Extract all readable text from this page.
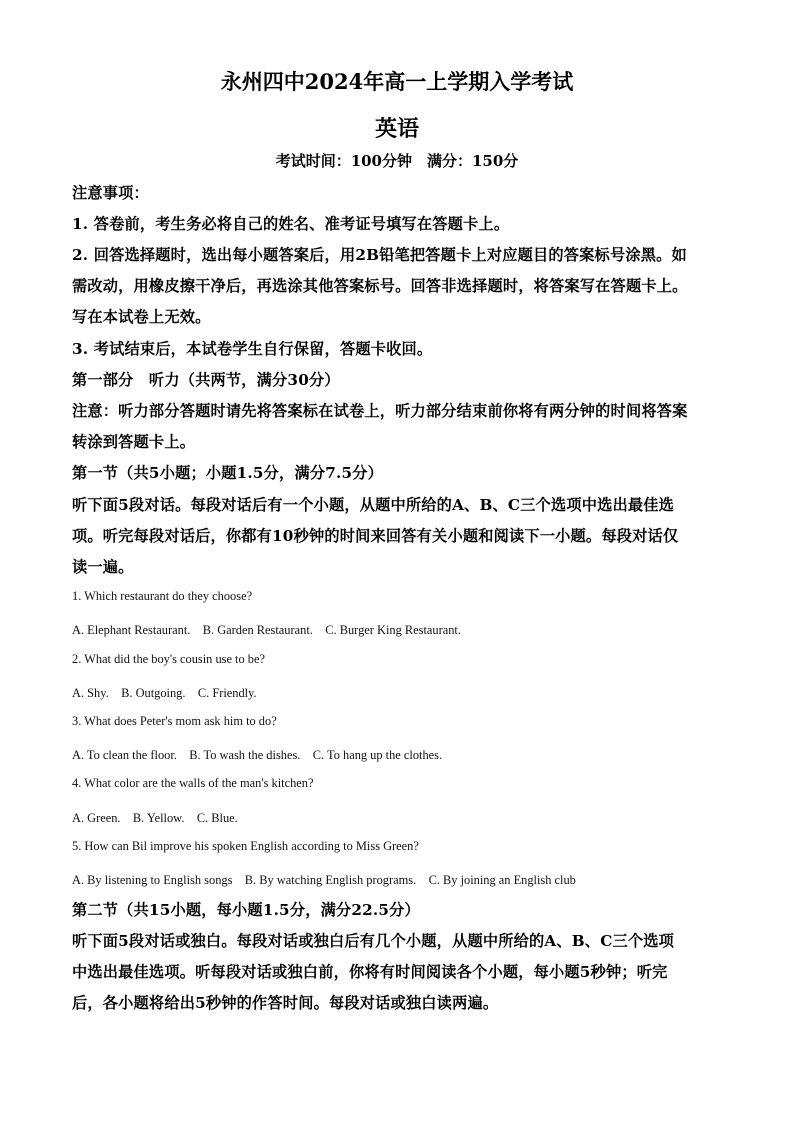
永州四中2024年高一上学期入学考试
英语
考试时间：100分钟　满分：150分
注意事项：
1. 答卷前，考生务必将自己的姓名、准考证号填写在答题卡上。
2. 回答选择题时，选出每小题答案后，用2B铅笔把答题卡上对应题目的答案标号涂黑。如
需改动，用橡皮擦干净后，再选涂其他答案标号。回答非选择题时，将答案写在答题卡上。
写在本试卷上无效。
3. 考试结束后，本试卷学生自行保留，答题卡收回。
第一部分　听力（共两节，满分30分）
注意：听力部分答题时请先将答案标在试卷上，听力部分结束前你将有两分钟的时间将答案
转涂到答题卡上。
第一节（共5小题；小题1.5分，满分7.5分）
听下面5段对话。每段对话后有一个小题，从题中所给的A、B、C三个选项中选出最佳选
项。听完每段对话后，你都有10秒钟的时间来回答有关小题和阅读下一小题。每段对话仅
读一遍。
1. Which restaurant do they choose?
A. Elephant Restaurant.　B. Garden Restaurant.　C. Burger King Restaurant.
2. What did the boy's cousin use to be?
A. Shy.　B. Outgoing.　C. Friendly.
3. What does Peter's mom ask him to do?
A. To clean the floor.　B. To wash the dishes.　C. To hang up the clothes.
4. What color are the walls of the man's kitchen?
A. Green.　B. Yellow.　C. Blue.
5. How can Bil improve his spoken English according to Miss Green?
A. By listening to English songs　B. By watching English programs.　C. By joining an English club
第二节（共15小题，每小题1.5分，满分22.5分）
听下面5段对话或独白。每段对话或独白后有几个小题，从题中所给的A、B、C三个选项
中选出最佳选项。听每段对话或独白前，你将有时间阅读各个小题，每小题5秒钟；听完
后，各小题将给出5秒钟的作答时间。每段对话或独白读两遍。
